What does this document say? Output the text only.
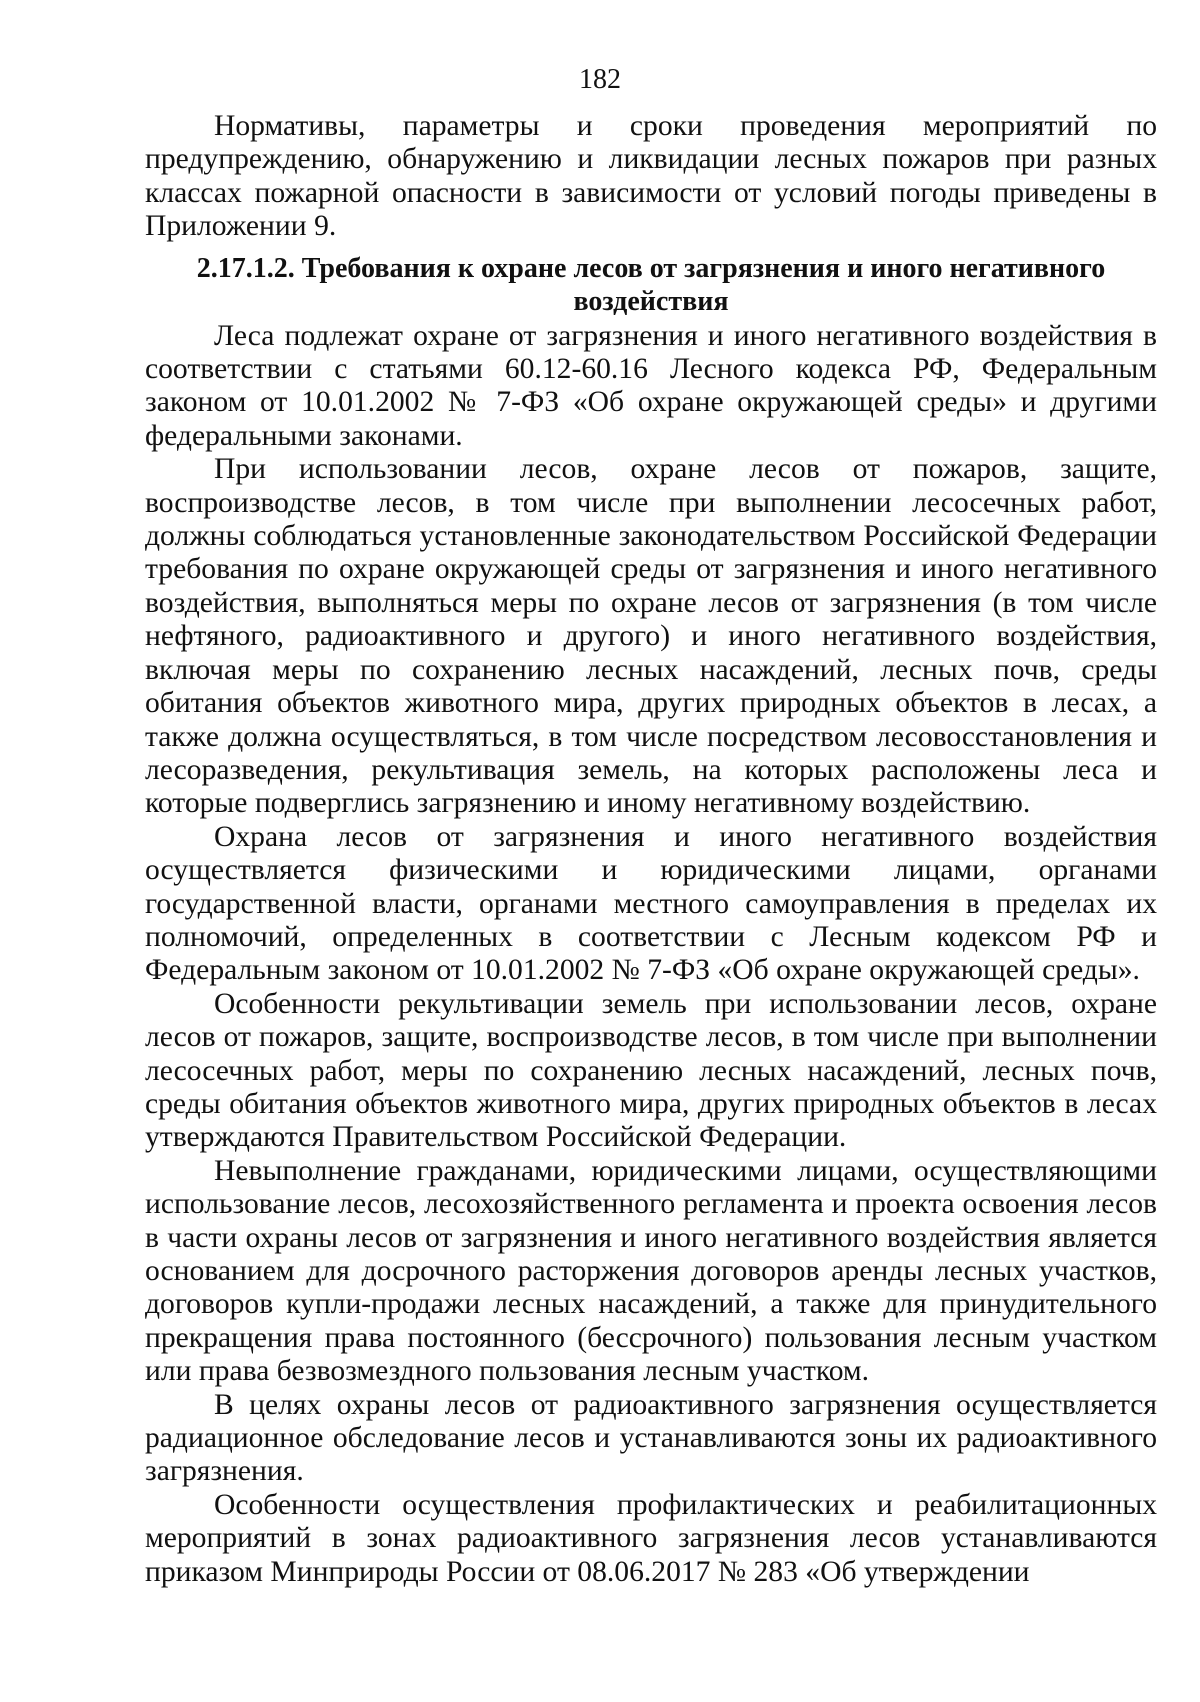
182

Нормативы, параметры и сроки проведения мероприятий по предупреждению, обнаружению и ликвидации лесных пожаров при разных классах пожарной опасности в зависимости от условий погоды приведены в Приложении 9.

2.17.1.2. Требования к охране лесов от загрязнения и иного негативного воздействия

Леса подлежат охране от загрязнения и иного негативного воздействия в соответствии с статьями 60.12-60.16 Лесного кодекса РФ, Федеральным законом от 10.01.2002 № 7-ФЗ «Об охране окружающей среды» и другими федеральными законами.

При использовании лесов, охране лесов от пожаров, защите, воспроизводстве лесов, в том числе при выполнении лесосечных работ, должны соблюдаться установленные законодательством Российской Федерации требования по охране окружающей среды от загрязнения и иного негативного воздействия, выполняться меры по охране лесов от загрязнения (в том числе нефтяного, радиоактивного и другого) и иного негативного воздействия, включая меры по сохранению лесных насаждений, лесных почв, среды обитания объектов животного мира, других природных объектов в лесах, а также должна осуществляться, в том числе посредством лесовосстановления и лесоразведения, рекультивация земель, на которых расположены леса и которые подверглись загрязнению и иному негативному воздействию.

Охрана лесов от загрязнения и иного негативного воздействия осуществляется физическими и юридическими лицами, органами государственной власти, органами местного самоуправления в пределах их полномочий, определенных в соответствии с Лесным кодексом РФ и Федеральным законом от 10.01.2002 № 7-ФЗ «Об охране окружающей среды».

Особенности рекультивации земель при использовании лесов, охране лесов от пожаров, защите, воспроизводстве лесов, в том числе при выполнении лесосечных работ, меры по сохранению лесных насаждений, лесных почв, среды обитания объектов животного мира, других природных объектов в лесах утверждаются Правительством Российской Федерации.

Невыполнение гражданами, юридическими лицами, осуществляющими использование лесов, лесохозяйственного регламента и проекта освоения лесов в части охраны лесов от загрязнения и иного негативного воздействия является основанием для досрочного расторжения договоров аренды лесных участков, договоров купли-продажи лесных насаждений, а также для принудительного прекращения права постоянного (бессрочного) пользования лесным участком или права безвозмездного пользования лесным участком.

В целях охраны лесов от радиоактивного загрязнения осуществляется радиационное обследование лесов и устанавливаются зоны их радиоактивного загрязнения.

Особенности осуществления профилактических и реабилитационных мероприятий в зонах радиоактивного загрязнения лесов устанавливаются приказом Минприроды России от 08.06.2017 № 283 «Об утверждении
